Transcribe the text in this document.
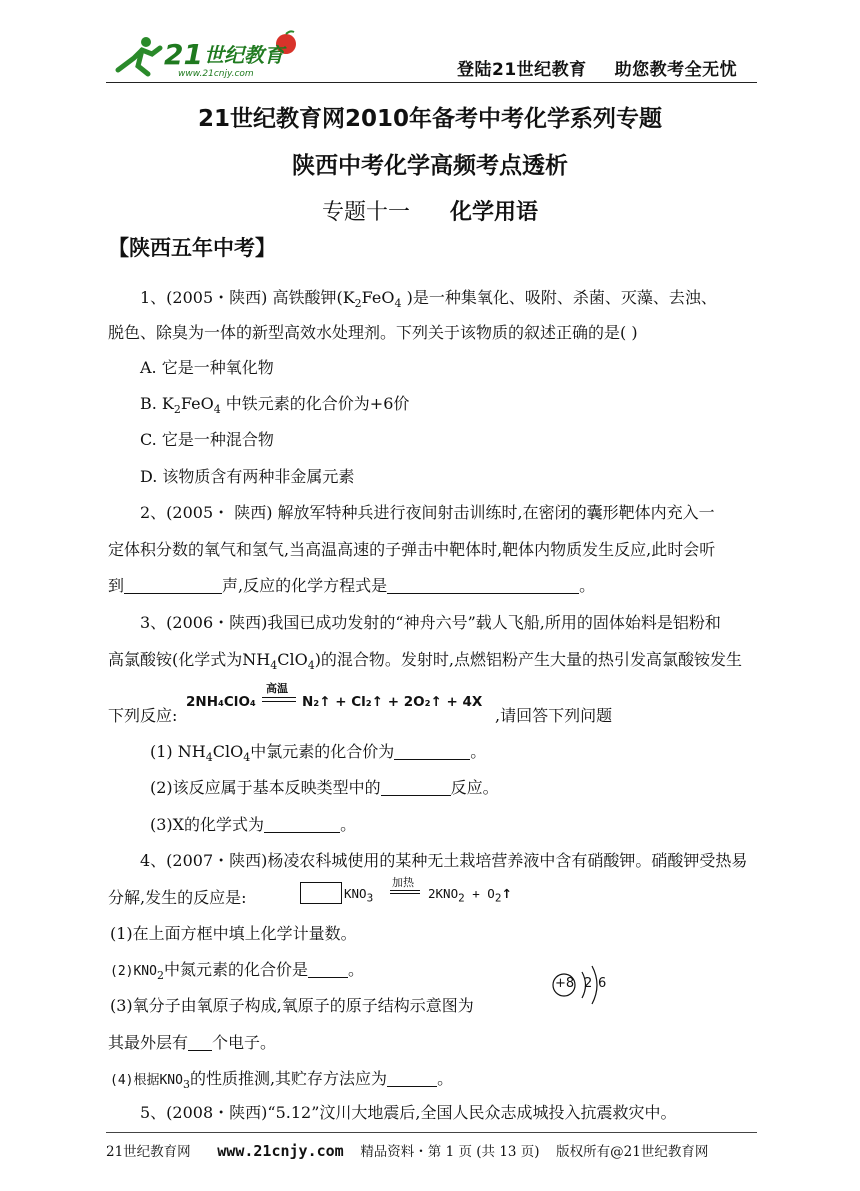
21 世纪教育
www.21cnjy.com	登陆21世纪教育 助您教考全无忧
21世纪教育网2010年备考中考化学系列专题
陕西中考化学高频考点透析
专题十一 化学用语
【陕西五年中考】
1、(2005・陕西) 高铁酸钾($K_2FeO_4$ )是一种集氧化、吸附、杀菌、灭藻、去浊、
脱色、除臭为一体的新型高效水处理剂。下列关于该物质的叙述正确的是( )
A. 它是一种氧化物
B. $K_2FeO_4$ 中铁元素的化合价为+6价
C. 它是一种混合物
D. 该物质含有两种非金属元素
2、(2005・ 陕西) 解放军特种兵进行夜间射击训练时,在密闭的囊形靶体内充入一
定体积分数的氧气和氢气,当高温高速的子弹击中靶体时,靶体内物质发生反应,此时会听
到	声,反应的化学方程式是	。
3、(2006・陕西)我国已成功发射的“神舟六号”载人飞船,所用的固体始料是铝粉和
高氯酸铵(化学式为$NH_4ClO_4$)的混合物。发射时,点燃铝粉产生大量的热引发高氯酸铵发生
下列反应:
2NH₄ClO₄
高温
N₂↑ + Cl₂↑ + 2O₂↑ + 4X
,请回答下列问题
(1) $NH_4ClO_4$中氯元素的化合价为	。
(2)该反应属于基本反映类型中的	反应。
(3)X的化学式为	。
4、(2007・陕西)杨凌农科城使用的某种无土栽培营养液中含有硝酸钾。硝酸钾受热易
分解,发生的反应是:	$KNO_3$
加热
$2KNO_2$ + $O_2↑$
(1)在上面方框中填上化学计量数。
$(2)KNO_2$中氮元素的化合价是	。
(3)氧分子由氧原子构成,氧原子的原子结构示意图为
+8 2 6
其最外层有 个电子。
(4)根据$KNO_3$的性质推测,其贮存方法应为	。
5、(2008・陕西)“5.12”汶川大地震后,全国人民众志成城投入抗震救灾中。
21世纪教育网 www.21cnjy.com 精品资料・第 1 页 (共 13 页) 版权所有@21世纪教育网
